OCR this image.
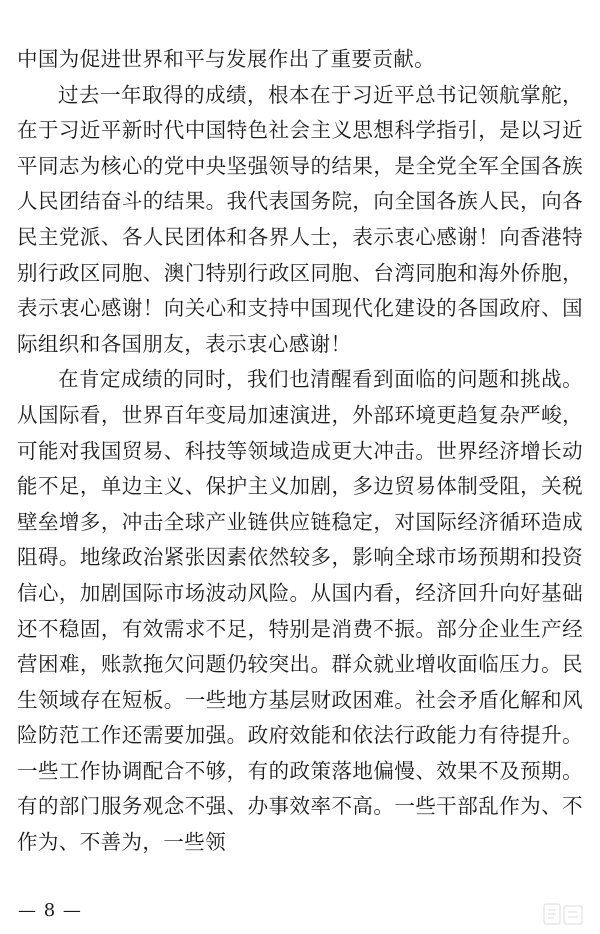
中国为促进世界和平与发展作出了重要贡献。

过去一年取得的成绩，根本在于习近平总书记领航掌舵，在于习近平新时代中国特色社会主义思想科学指引，是以习近平同志为核心的党中央坚强领导的结果，是全党全军全国各族人民团结奋斗的结果。我代表国务院，向全国各族人民，向各民主党派、各人民团体和各界人士，表示衷心感谢！向香港特别行政区同胞、澳门特别行政区同胞、台湾同胞和海外侨胞，表示衷心感谢！向关心和支持中国现代化建设的各国政府、国际组织和各国朋友，表示衷心感谢！

在肯定成绩的同时，我们也清醒看到面临的问题和挑战。从国际看，世界百年变局加速演进，外部环境更趋复杂严峻，可能对我国贸易、科技等领域造成更大冲击。世界经济增长动能不足，单边主义、保护主义加剧，多边贸易体制受阻，关税壁垒增多，冲击全球产业链供应链稳定，对国际经济循环造成阻碍。地缘政治紧张因素依然较多，影响全球市场预期和投资信心，加剧国际市场波动风险。从国内看，经济回升向好基础还不稳固，有效需求不足，特别是消费不振。部分企业生产经营困难，账款拖欠问题仍较突出。群众就业增收面临压力。民生领域存在短板。一些地方基层财政困难。社会矛盾化解和风险防范工作还需要加强。政府效能和依法行政能力有待提升。一些工作协调配合不够，有的政策落地偏慢、效果不及预期。有的部门服务观念不强、办事效率不高。一些干部乱作为、不作为、不善为，一些领

— 8 —
